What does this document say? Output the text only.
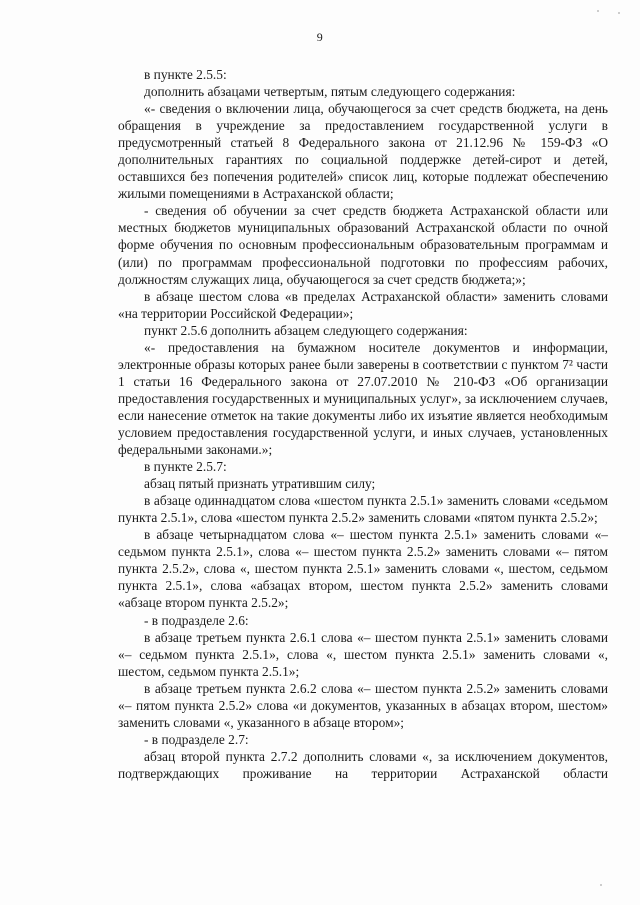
9

в пункте 2.5.5:

дополнить абзацами четвертым, пятым следующего содержания:

«- сведения о включении лица, обучающегося за счет средств бюджета, на день обращения в учреждение за предоставлением государственной услуги в предусмотренный статьей 8 Федерального закона от 21.12.96 № 159-ФЗ «О дополнительных гарантиях по социальной поддержке детей-сирот и детей, оставшихся без попечения родителей» список лиц, которые подлежат обеспечению жилыми помещениями в Астраханской области;

- сведения об обучении за счет средств бюджета Астраханской области или местных бюджетов муниципальных образований Астраханской области по очной форме обучения по основным профессиональным образовательным программам и (или) по программам профессиональной подготовки по профессиям рабочих, должностям служащих лица, обучающегося за счет средств бюджета;»;

в абзаце шестом слова «в пределах Астраханской области» заменить словами «на территории Российской Федерации»;

пункт 2.5.6 дополнить абзацем следующего содержания:

«- предоставления на бумажном носителе документов и информации, электронные образы которых ранее были заверены в соответствии с пунктом 7² части 1 статьи 16 Федерального закона от 27.07.2010 № 210-ФЗ «Об организации предоставления государственных и муниципальных услуг», за исключением случаев, если нанесение отметок на такие документы либо их изъятие является необходимым условием предоставления государственной услуги, и иных случаев, установленных федеральными законами.»;

в пункте 2.5.7:

абзац пятый признать утратившим силу;

в абзаце одиннадцатом слова «шестом пункта 2.5.1» заменить словами «седьмом пункта 2.5.1», слова «шестом пункта 2.5.2» заменить словами «пятом пункта 2.5.2»;

в абзаце четырнадцатом слова «– шестом пункта 2.5.1» заменить словами «– седьмом пункта 2.5.1», слова «– шестом пункта 2.5.2» заменить словами «– пятом пункта 2.5.2», слова «, шестом пункта 2.5.1» заменить словами «, шестом, седьмом пункта 2.5.1», слова «абзацах втором, шестом пункта 2.5.2» заменить словами «абзаце втором пункта 2.5.2»;

- в подразделе 2.6:

в абзаце третьем пункта 2.6.1 слова «– шестом пункта 2.5.1» заменить словами «– седьмом пункта 2.5.1», слова «, шестом пункта 2.5.1» заменить словами «, шестом, седьмом пункта 2.5.1»;

в абзаце третьем пункта 2.6.2 слова «– шестом пункта 2.5.2» заменить словами «– пятом пункта 2.5.2» слова «и документов, указанных в абзацах втором, шестом» заменить словами «, указанного в абзаце втором»;

- в подразделе 2.7:

абзац второй пункта 2.7.2 дополнить словами «, за исключением документов, подтверждающих проживание на территории Астраханской области
